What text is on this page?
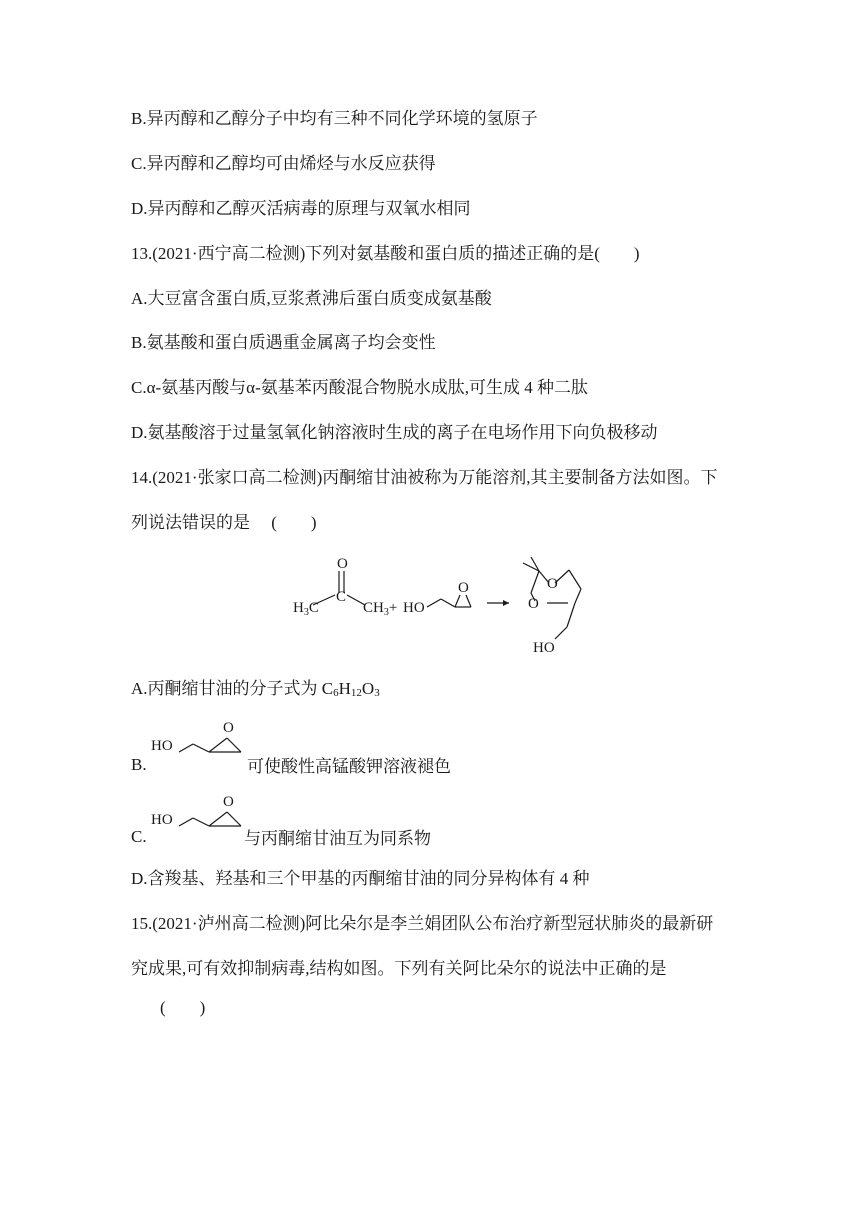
B.异丙醇和乙醇分子中均有三种不同化学环境的氢原子
C.异丙醇和乙醇均可由烯烃与水反应获得
D.异丙醇和乙醇灭活病毒的原理与双氧水相同
13.(2021·西宁高二检测)下列对氨基酸和蛋白质的描述正确的是(　　)
A.大豆富含蛋白质,豆浆煮沸后蛋白质变成氨基酸
B.氨基酸和蛋白质遇重金属离子均会变性
C.α-氨基丙酸与α-氨基苯丙酸混合物脱水成肽,可生成 4 种二肽
D.氨基酸溶于过量氢氧化钠溶液时生成的离子在电场作用下向负极移动
14.(2021·张家口高二检测)丙酮缩甘油被称为万能溶剂,其主要制备方法如图。下
列说法错误的是　 (　　)
O
$H_3C$
C
$CH_3+$ HO
O	O
O
HO
A.丙酮缩甘油的分子式为 $C_6H_{12}O_3$
B.
HO
O
可使酸性高锰酸钾溶液褪色
C.
HO
O
与丙酮缩甘油互为同系物
D.含羧基、羟基和三个甲基的丙酮缩甘油的同分异构体有 4 种
15.(2021·泸州高二检测)阿比朵尔是李兰娟团队公布治疗新型冠状肺炎的最新研
究成果,可有效抑制病毒,结构如图。下列有关阿比朵尔的说法中正确的是
(　　)
